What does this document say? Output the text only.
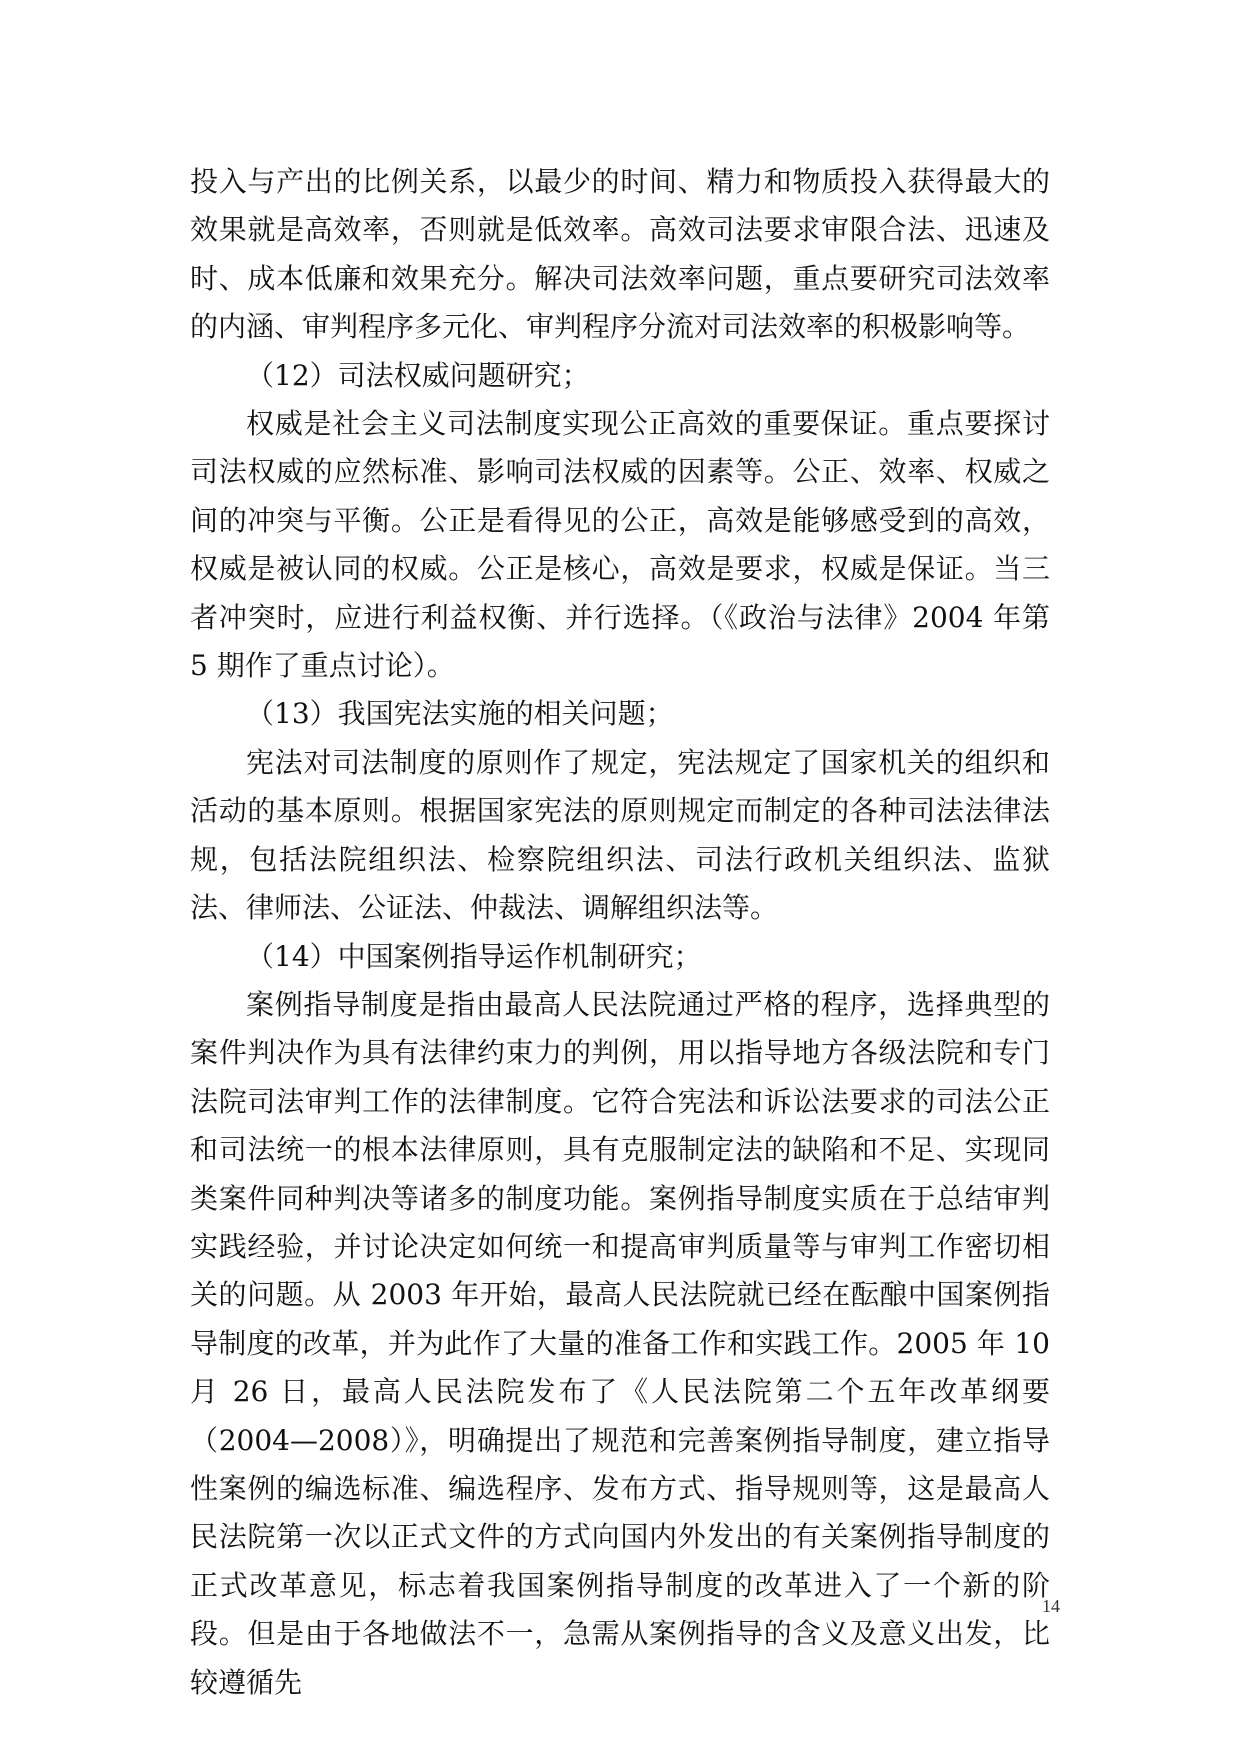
投入与产出的比例关系，以最少的时间、精力和物质投入获得最大的效果就是高效率，否则就是低效率。高效司法要求审限合法、迅速及时、成本低廉和效果充分。解决司法效率问题，重点要研究司法效率的内涵、审判程序多元化、审判程序分流对司法效率的积极影响等。

（12）司法权威问题研究；

权威是社会主义司法制度实现公正高效的重要保证。重点要探讨司法权威的应然标准、影响司法权威的因素等。公正、效率、权威之间的冲突与平衡。公正是看得见的公正，高效是能够感受到的高效，权威是被认同的权威。公正是核心，高效是要求，权威是保证。当三者冲突时，应进行利益权衡、并行选择。（《政治与法律》2004 年第 5 期作了重点讨论）。

（13）我国宪法实施的相关问题；

宪法对司法制度的原则作了规定，宪法规定了国家机关的组织和活动的基本原则。根据国家宪法的原则规定而制定的各种司法法律法规，包括法院组织法、检察院组织法、司法行政机关组织法、监狱法、律师法、公证法、仲裁法、调解组织法等。

（14）中国案例指导运作机制研究；

案例指导制度是指由最高人民法院通过严格的程序，选择典型的案件判决作为具有法律约束力的判例，用以指导地方各级法院和专门法院司法审判工作的法律制度。它符合宪法和诉讼法要求的司法公正和司法统一的根本法律原则，具有克服制定法的缺陷和不足、实现同类案件同种判决等诸多的制度功能。案例指导制度实质在于总结审判实践经验，并讨论决定如何统一和提高审判质量等与审判工作密切相关的问题。从 2003 年开始，最高人民法院就已经在酝酿中国案例指导制度的改革，并为此作了大量的准备工作和实践工作。2005 年 10 月 26 日，最高人民法院发布了《人民法院第二个五年改革纲要（2004—2008）》，明确提出了规范和完善案例指导制度，建立指导性案例的编选标准、编选程序、发布方式、指导规则等，这是最高人民法院第一次以正式文件的方式向国内外发出的有关案例指导制度的正式改革意见，标志着我国案例指导制度的改革进入了一个新的阶段。但是由于各地做法不一，急需从案例指导的含义及意义出发，比较遵循先

14
